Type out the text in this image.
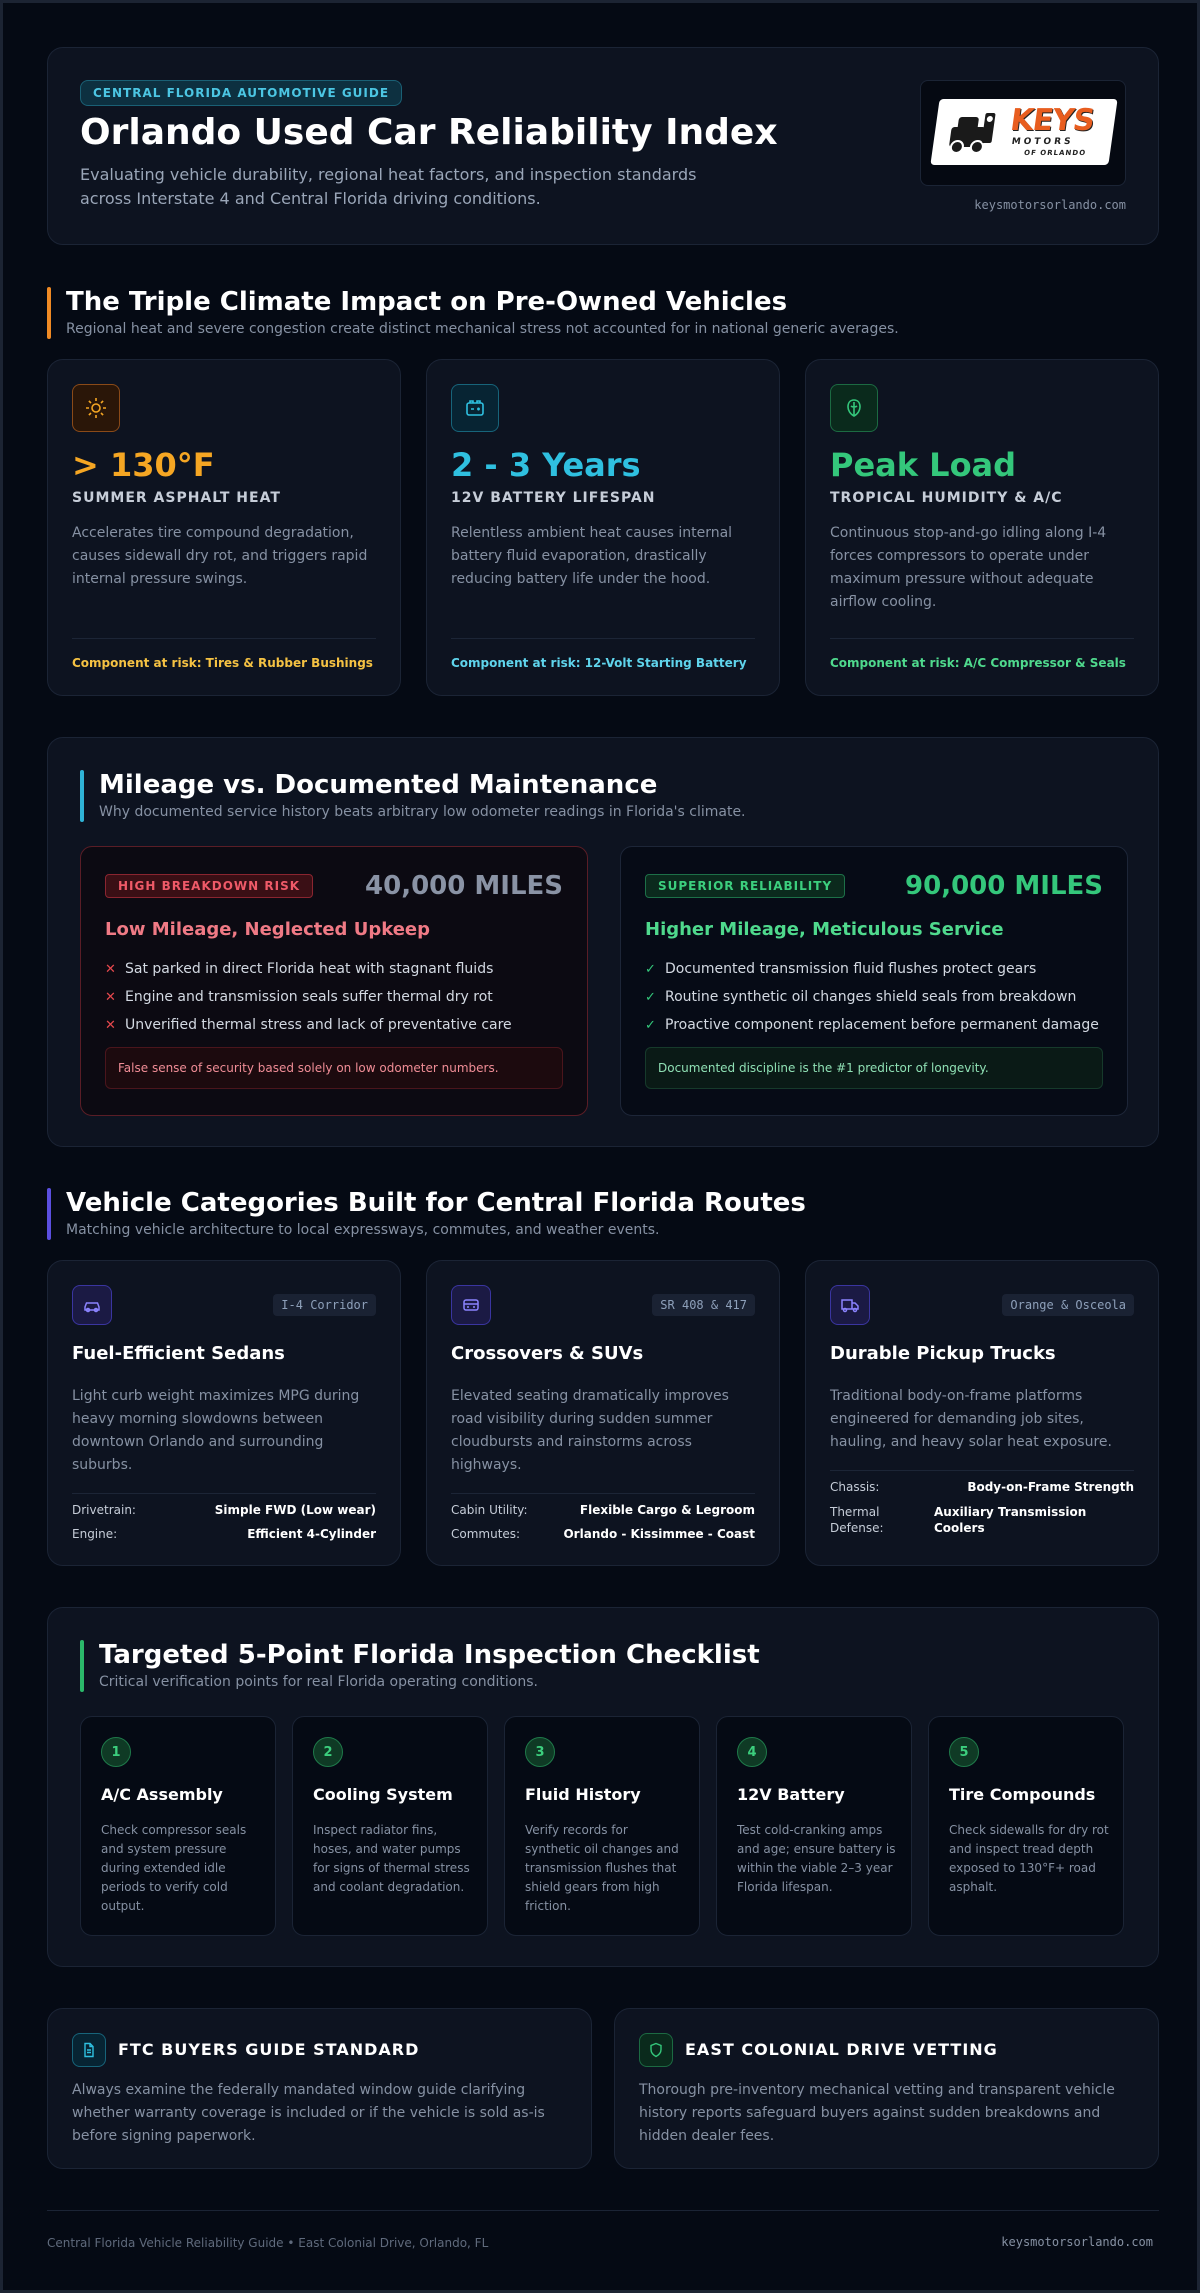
CENTRAL FLORIDA AUTOMOTIVE GUIDE
Orlando Used Car Reliability Index
Evaluating vehicle durability, regional heat factors, and inspection standards across Interstate 4 and Central Florida driving conditions.
KEYS
MOTORS
OF ORLANDO
keysmotorsorlando.com
The Triple Climate Impact on Pre-Owned Vehicles
Regional heat and severe congestion create distinct mechanical stress not accounted for in national generic averages.
> 130°F
SUMMER ASPHALT HEAT
Accelerates tire compound degradation, causes sidewall dry rot, and triggers rapid internal pressure swings.
Component at risk: Tires & Rubber Bushings
2 - 3 Years
12V BATTERY LIFESPAN
Relentless ambient heat causes internal battery fluid evaporation, drastically reducing battery life under the hood.
Component at risk: 12-Volt Starting Battery
Peak Load
TROPICAL HUMIDITY & A/C
Continuous stop-and-go idling along I-4 forces compressors to operate under maximum pressure without adequate airflow cooling.
Component at risk: A/C Compressor & Seals
Mileage vs. Documented Maintenance
Why documented service history beats arbitrary low odometer readings in Florida's climate.
HIGH BREAKDOWN RISK	40,000 MILES
Low Mileage, Neglected Upkeep
✕ Sat parked in direct Florida heat with stagnant fluids
✕ Engine and transmission seals suffer thermal dry rot
✕ Unverified thermal stress and lack of preventative care
False sense of security based solely on low odometer numbers.
SUPERIOR RELIABILITY	90,000 MILES
Higher Mileage, Meticulous Service
✓ Documented transmission fluid flushes protect gears
✓ Routine synthetic oil changes shield seals from breakdown
✓ Proactive component replacement before permanent damage
Documented discipline is the #1 predictor of longevity.
Vehicle Categories Built for Central Florida Routes
Matching vehicle architecture to local expressways, commutes, and weather events.
I-4 Corridor
Fuel-Efficient Sedans
Light curb weight maximizes MPG during heavy morning slowdowns between downtown Orlando and surrounding suburbs.
Drivetrain:	Simple FWD (Low wear)
Engine:	Efficient 4-Cylinder
SR 408 & 417
Crossovers & SUVs
Elevated seating dramatically improves road visibility during sudden summer cloudbursts and rainstorms across highways.
Cabin Utility:	Flexible Cargo & Legroom
Commutes:	Orlando - Kissimmee - Coast
Orange & Osceola
Durable Pickup Trucks
Traditional body-on-frame platforms engineered for demanding job sites, hauling, and heavy solar heat exposure.
Chassis:	Body-on-Frame Strength
Thermal Defense:
Auxiliary Transmission Coolers
Targeted 5-Point Florida Inspection Checklist
Critical verification points for real Florida operating conditions.
1
A/C Assembly
Check compressor seals and system pressure during extended idle periods to verify cold output.
2
Cooling System
Inspect radiator fins, hoses, and water pumps for signs of thermal stress and coolant degradation.
3
Fluid History
Verify records for synthetic oil changes and transmission flushes that shield gears from high friction.
4
12V Battery
Test cold-cranking amps and age; ensure battery is within the viable 2–3 year Florida lifespan.
5
Tire Compounds
Check sidewalls for dry rot and inspect tread depth exposed to 130°F+ road asphalt.
FTC BUYERS GUIDE STANDARD
Always examine the federally mandated window guide clarifying whether warranty coverage is included or if the vehicle is sold as-is before signing paperwork.
EAST COLONIAL DRIVE VETTING
Thorough pre-inventory mechanical vetting and transparent vehicle history reports safeguard buyers against sudden breakdowns and hidden dealer fees.
Central Florida Vehicle Reliability Guide • East Colonial Drive, Orlando, FL	keysmotorsorlando.com
